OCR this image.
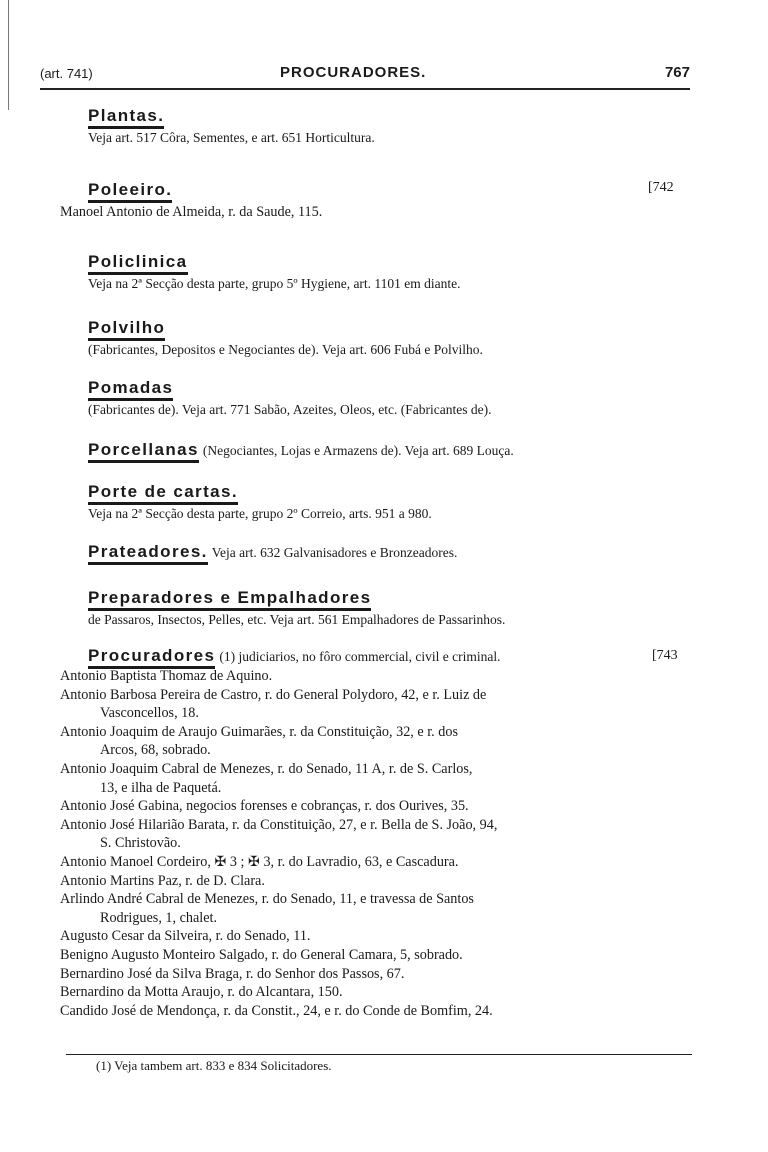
(art. 741)	PROCURADORES.	767
Plantas.
Veja art. 517 Côra, Sementes, e art. 651 Horticultura.
Poleeiro.	[742
Manoel Antonio de Almeida, r. da Saude, 115.
Policlinica
Veja na 2ª Secção desta parte, grupo 5º Hygiene, art. 1101 em diante.
Polvilho
(Fabricantes, Depositos e Negociantes de). Veja art. 606 Fubá e Polvilho.
Pomadas
(Fabricantes de). Veja art. 771 Sabão, Azeites, Oleos, etc. (Fabricantes de).
Porcellanas (Negociantes, Lojas e Armazens de). Veja art. 689 Louça.
Porte de cartas.
Veja na 2ª Secção desta parte, grupo 2º Correio, arts. 951 a 980.
Prateadores. Veja art. 632 Galvanisadores e Bronzeadores.
Preparadores e Empalhadores
de Passaros, Insectos, Pelles, etc. Veja art. 561 Empalhadores de Passarinhos.
Procuradores (1) judiciarios, no fôro commercial, civil e criminal.	[743
Antonio Baptista Thomaz de Aquino.
Antonio Barbosa Pereira de Castro, r. do General Polydoro, 42, e r. Luiz de
Vasconcellos, 18.
Antonio Joaquim de Araujo Guimarães, r. da Constituição, 32, e r. dos
Arcos, 68, sobrado.
Antonio Joaquim Cabral de Menezes, r. do Senado, 11 A, r. de S. Carlos,
13, e ilha de Paquetá.
Antonio José Gabina, negocios forenses e cobranças, r. dos Ourives, 35.
Antonio José Hilarião Barata, r. da Constituição, 27, e r. Bella de S. João, 94,
S. Christovão.
Antonio Manoel Cordeiro, ✠ 3 ; ✠ 3, r. do Lavradio, 63, e Cascadura.
Antonio Martins Paz, r. de D. Clara.
Arlindo André Cabral de Menezes, r. do Senado, 11, e travessa de Santos
Rodrigues, 1, chalet.
Augusto Cesar da Silveira, r. do Senado, 11.
Benigno Augusto Monteiro Salgado, r. do General Camara, 5, sobrado.
Bernardino José da Silva Braga, r. do Senhor dos Passos, 67.
Bernardino da Motta Araujo, r. do Alcantara, 150.
Candido José de Mendonça, r. da Constit., 24, e r. do Conde de Bomfim, 24.
(1) Veja tambem art. 833 e 834 Solicitadores.
